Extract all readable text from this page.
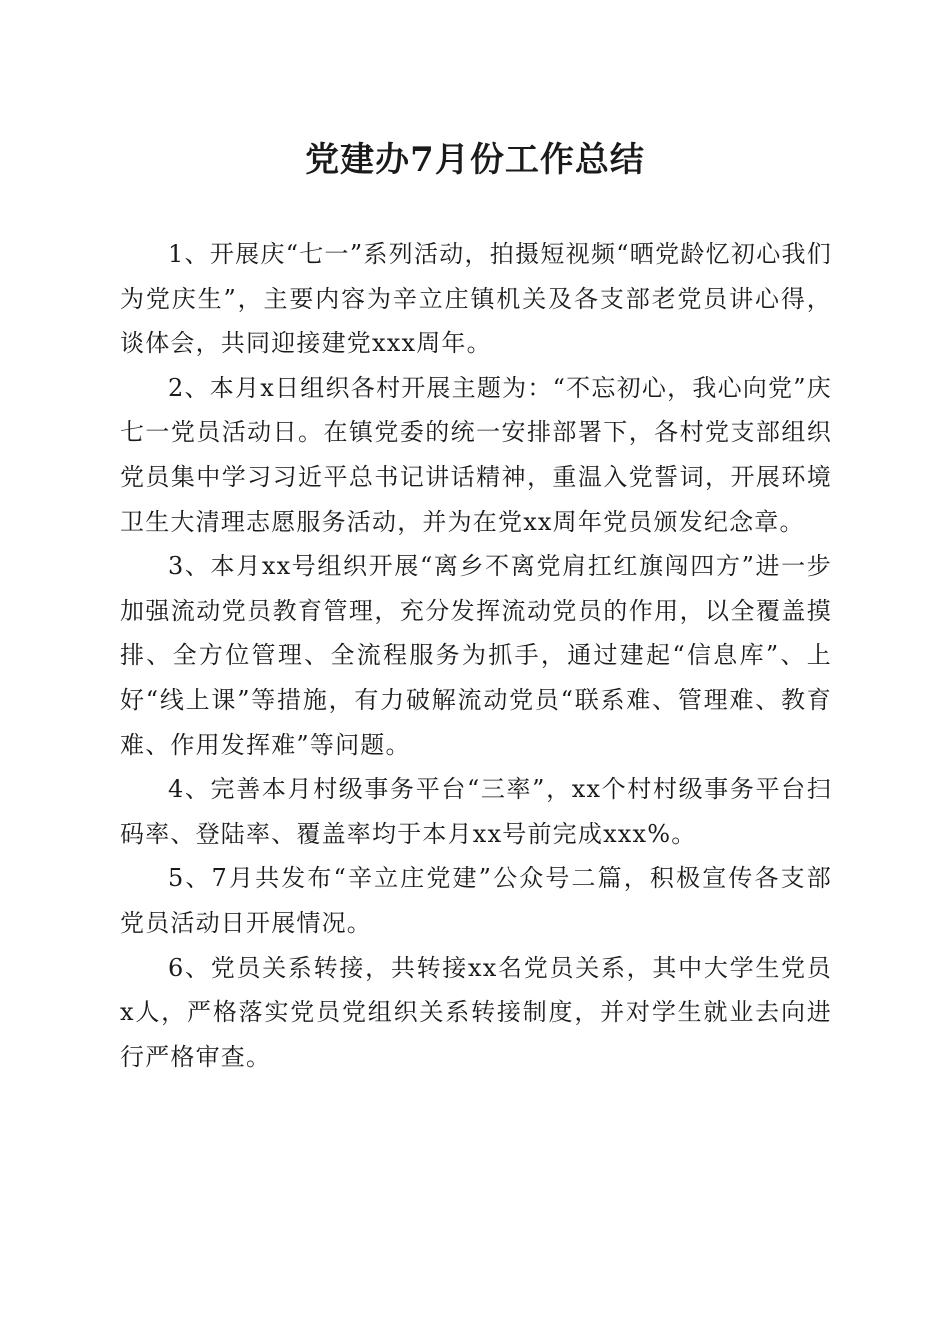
党建办7月份工作总结

1、开展庆“七一”系列活动，拍摄短视频“晒党龄忆初心我们为党庆生”，主要内容为辛立庄镇机关及各支部老党员讲心得，谈体会，共同迎接建党xxx周年。

2、本月x日组织各村开展主题为：“不忘初心，我心向党”庆七一党员活动日。在镇党委的统一安排部署下，各村党支部组织党员集中学习习近平总书记讲话精神，重温入党誓词，开展环境卫生大清理志愿服务活动，并为在党xx周年党员颁发纪念章。

3、本月xx号组织开展“离乡不离党肩扛红旗闯四方”进一步加强流动党员教育管理，充分发挥流动党员的作用，以全覆盖摸排、全方位管理、全流程服务为抓手，通过建起“信息库”、上好“线上课”等措施，有力破解流动党员“联系难、管理难、教育难、作用发挥难”等问题。

4、完善本月村级事务平台“三率”，xx个村村级事务平台扫码率、登陆率、覆盖率均于本月xx号前完成xxx%。

5、7月共发布“辛立庄党建”公众号二篇，积极宣传各支部党员活动日开展情况。

6、党员关系转接，共转接xx名党员关系，其中大学生党员x人，严格落实党员党组织关系转接制度，并对学生就业去向进行严格审查。
